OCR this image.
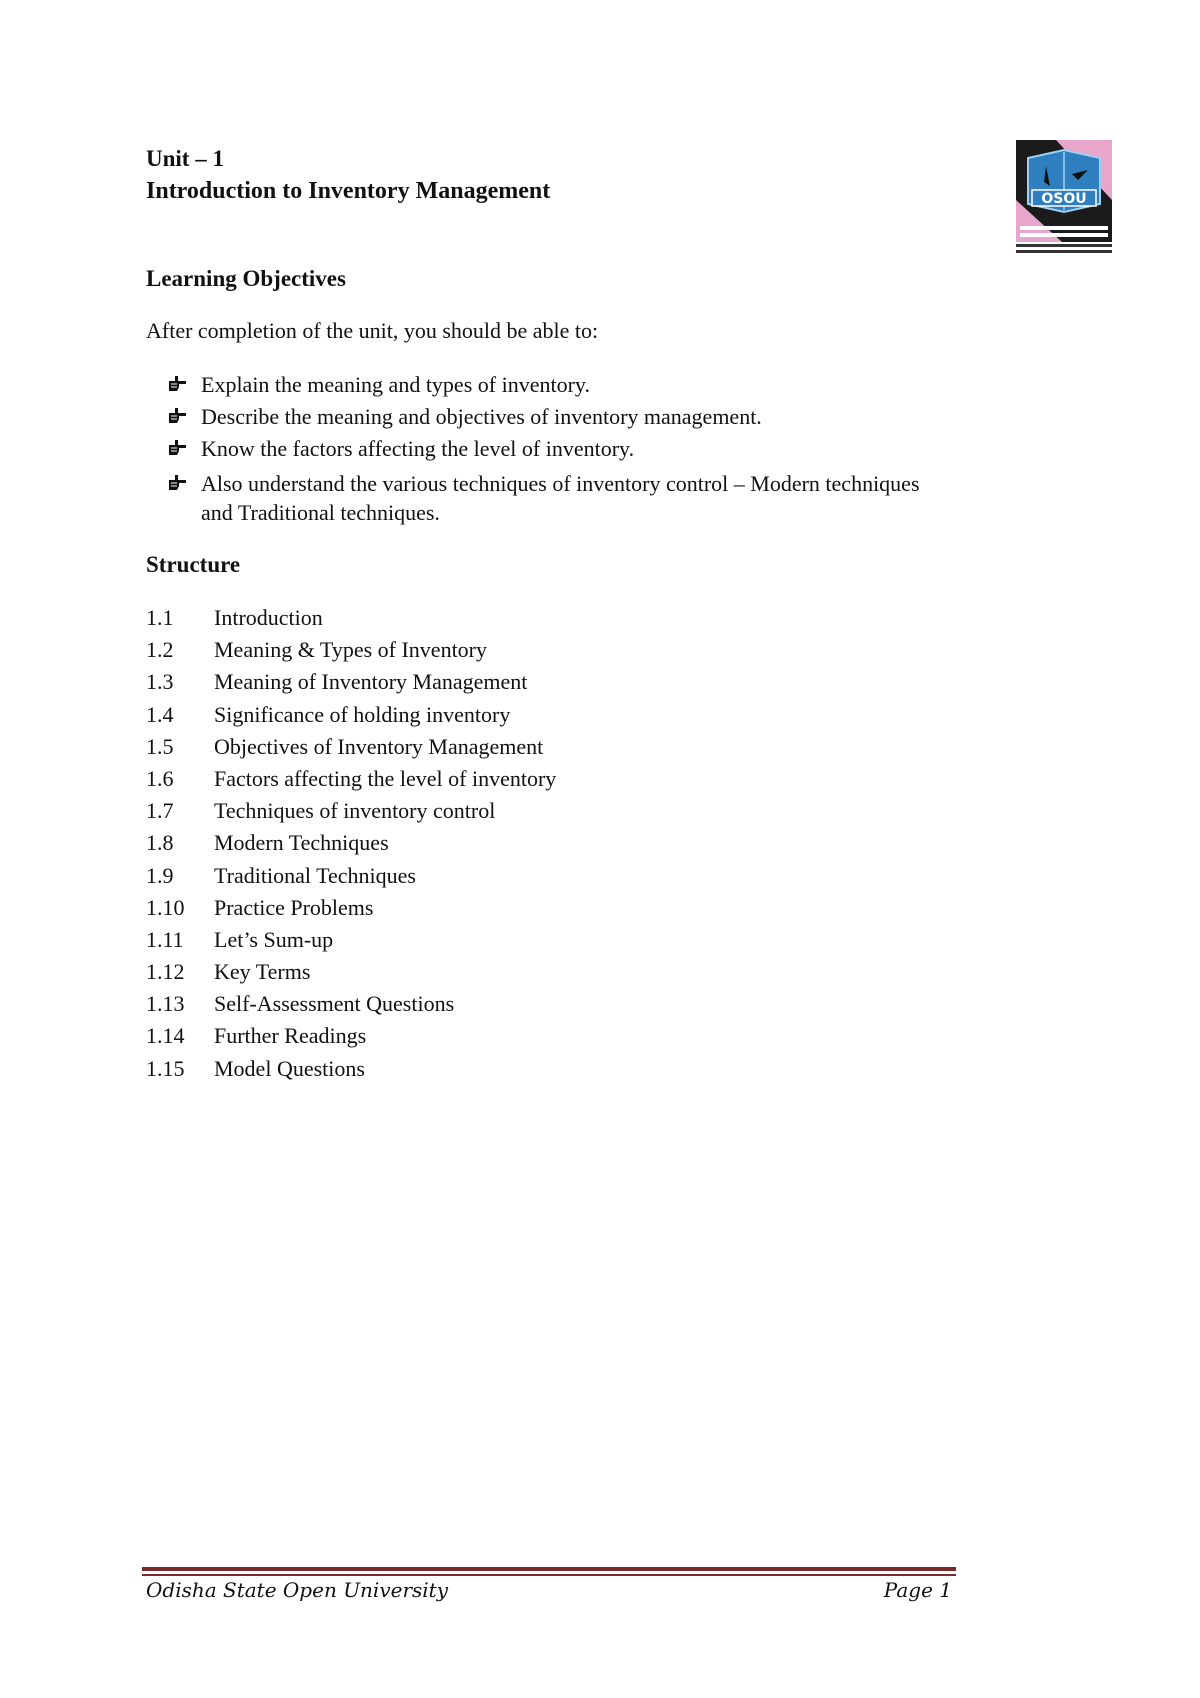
Unit – 1
Introduction to Inventory Management	OSOU
Learning Objectives
After completion of the unit, you should be able to:
Explain the meaning and types of inventory.
Describe the meaning and objectives of inventory management.
Know the factors affecting the level of inventory.
Also understand the various techniques of inventory control – Modern techniques and Traditional techniques.
Structure
1.1	Introduction
1.2	Meaning & Types of Inventory
1.3	Meaning of Inventory Management
1.4	Significance of holding inventory
1.5	Objectives of Inventory Management
1.6	Factors affecting the level of inventory
1.7	Techniques of inventory control
1.8	Modern Techniques
1.9	Traditional Techniques
1.10	Practice Problems
1.11	Let’s Sum-up
1.12	Key Terms
1.13	Self-Assessment Questions
1.14	Further Readings
1.15	Model Questions
Odisha State Open University	Page 1
